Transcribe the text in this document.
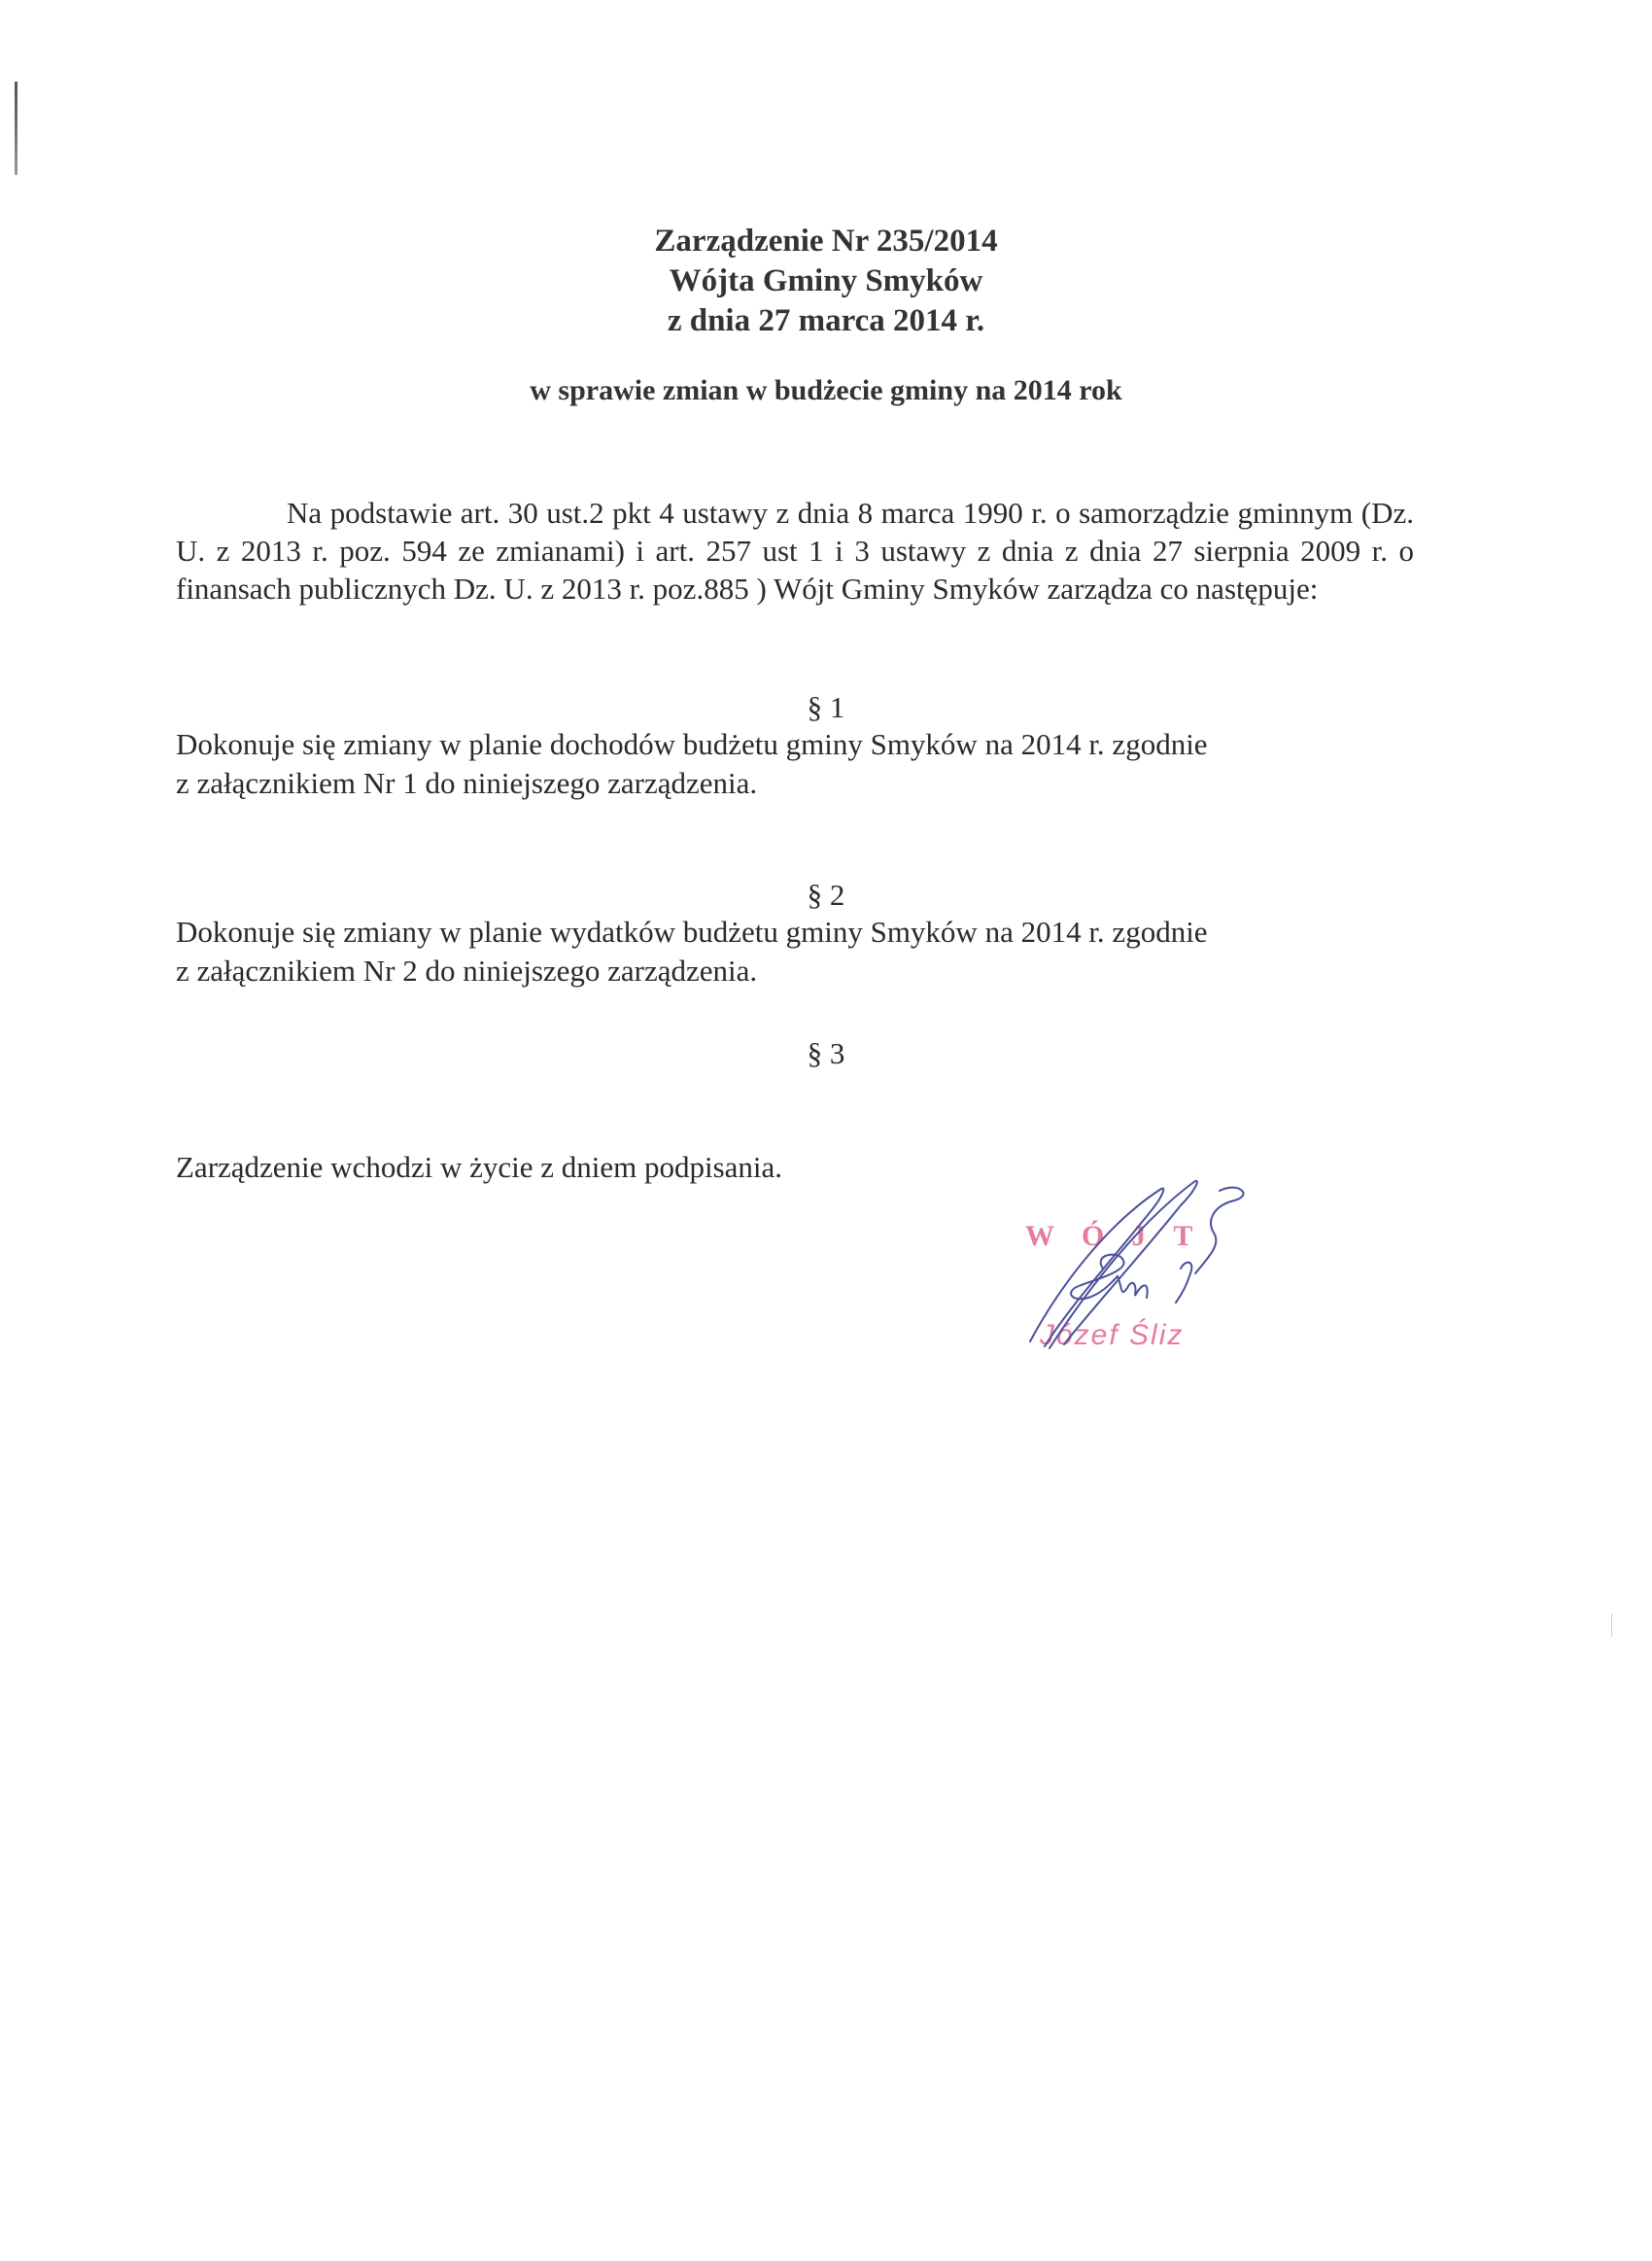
Zarządzenie Nr 235/2014
Wójta Gminy Smyków
z dnia 27 marca 2014 r.
w sprawie zmian w budżecie gminy na 2014 rok
Na podstawie art. 30 ust.2 pkt 4 ustawy z dnia 8 marca 1990 r. o samorządzie gminnym (Dz. U. z 2013 r. poz. 594 ze zmianami) i art. 257 ust 1 i 3 ustawy z dnia z dnia 27 sierpnia 2009 r. o finansach publicznych Dz. U. z 2013 r. poz.885 ) Wójt Gminy Smyków zarządza co następuje:
§ 1
Dokonuje się zmiany w planie dochodów budżetu gminy Smyków na 2014 r. zgodnie
z załącznikiem Nr 1 do niniejszego zarządzenia.
§ 2
Dokonuje się zmiany w planie wydatków budżetu gminy Smyków na 2014 r. zgodnie
z załącznikiem Nr 2 do niniejszego zarządzenia.
§ 3
Zarządzenie wchodzi w życie z dniem podpisania.
WÓJT
Józef Śliz
